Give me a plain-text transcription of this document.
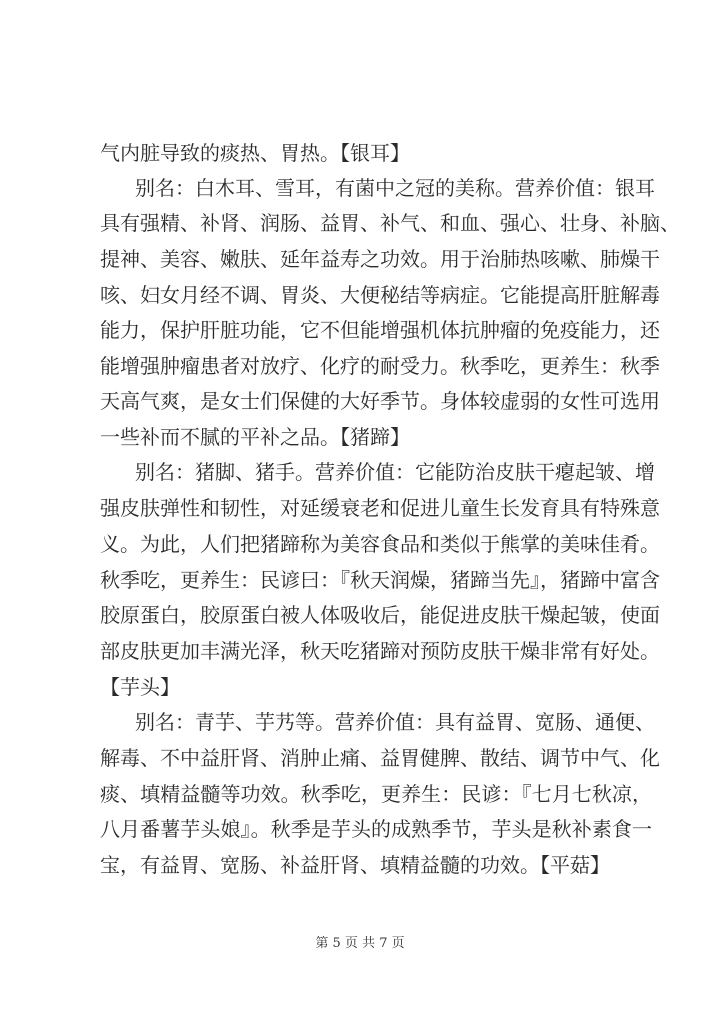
气内脏导致的痰热、胃热。【银耳】
别名：白木耳、雪耳，有菌中之冠的美称。营养价值：银耳
具有强精、补肾、润肠、益胃、补气、和血、强心、壮身、补脑、
提神、美容、嫩肤、延年益寿之功效。用于治肺热咳嗽、肺燥干
咳、妇女月经不调、胃炎、大便秘结等病症。它能提高肝脏解毒
能力，保护肝脏功能，它不但能增强机体抗肿瘤的免疫能力，还
能增强肿瘤患者对放疗、化疗的耐受力。秋季吃，更养生：秋季
天高气爽，是女士们保健的大好季节。身体较虚弱的女性可选用
一些补而不腻的平补之品。【猪蹄】
别名：猪脚、猪手。营养价值：它能防治皮肤干瘪起皱、增
强皮肤弹性和韧性，对延缓衰老和促进儿童生长发育具有特殊意
义。为此，人们把猪蹄称为美容食品和类似于熊掌的美味佳肴。
秋季吃，更养生：民谚曰：『秋天润燥，猪蹄当先』，猪蹄中富含
胶原蛋白，胶原蛋白被人体吸收后，能促进皮肤干燥起皱，使面
部皮肤更加丰满光泽，秋天吃猪蹄对预防皮肤干燥非常有好处。
【芋头】
别名：青芋、芋艿等。营养价值：具有益胃、宽肠、通便、
解毒、不中益肝肾、消肿止痛、益胃健脾、散结、调节中气、化
痰、填精益髓等功效。秋季吃，更养生：民谚：『七月七秋凉，
八月番薯芋头娘』。秋季是芋头的成熟季节，芋头是秋补素食一
宝，有益胃、宽肠、补益肝肾、填精益髓的功效。【平菇】
第 5 页 共 7 页
